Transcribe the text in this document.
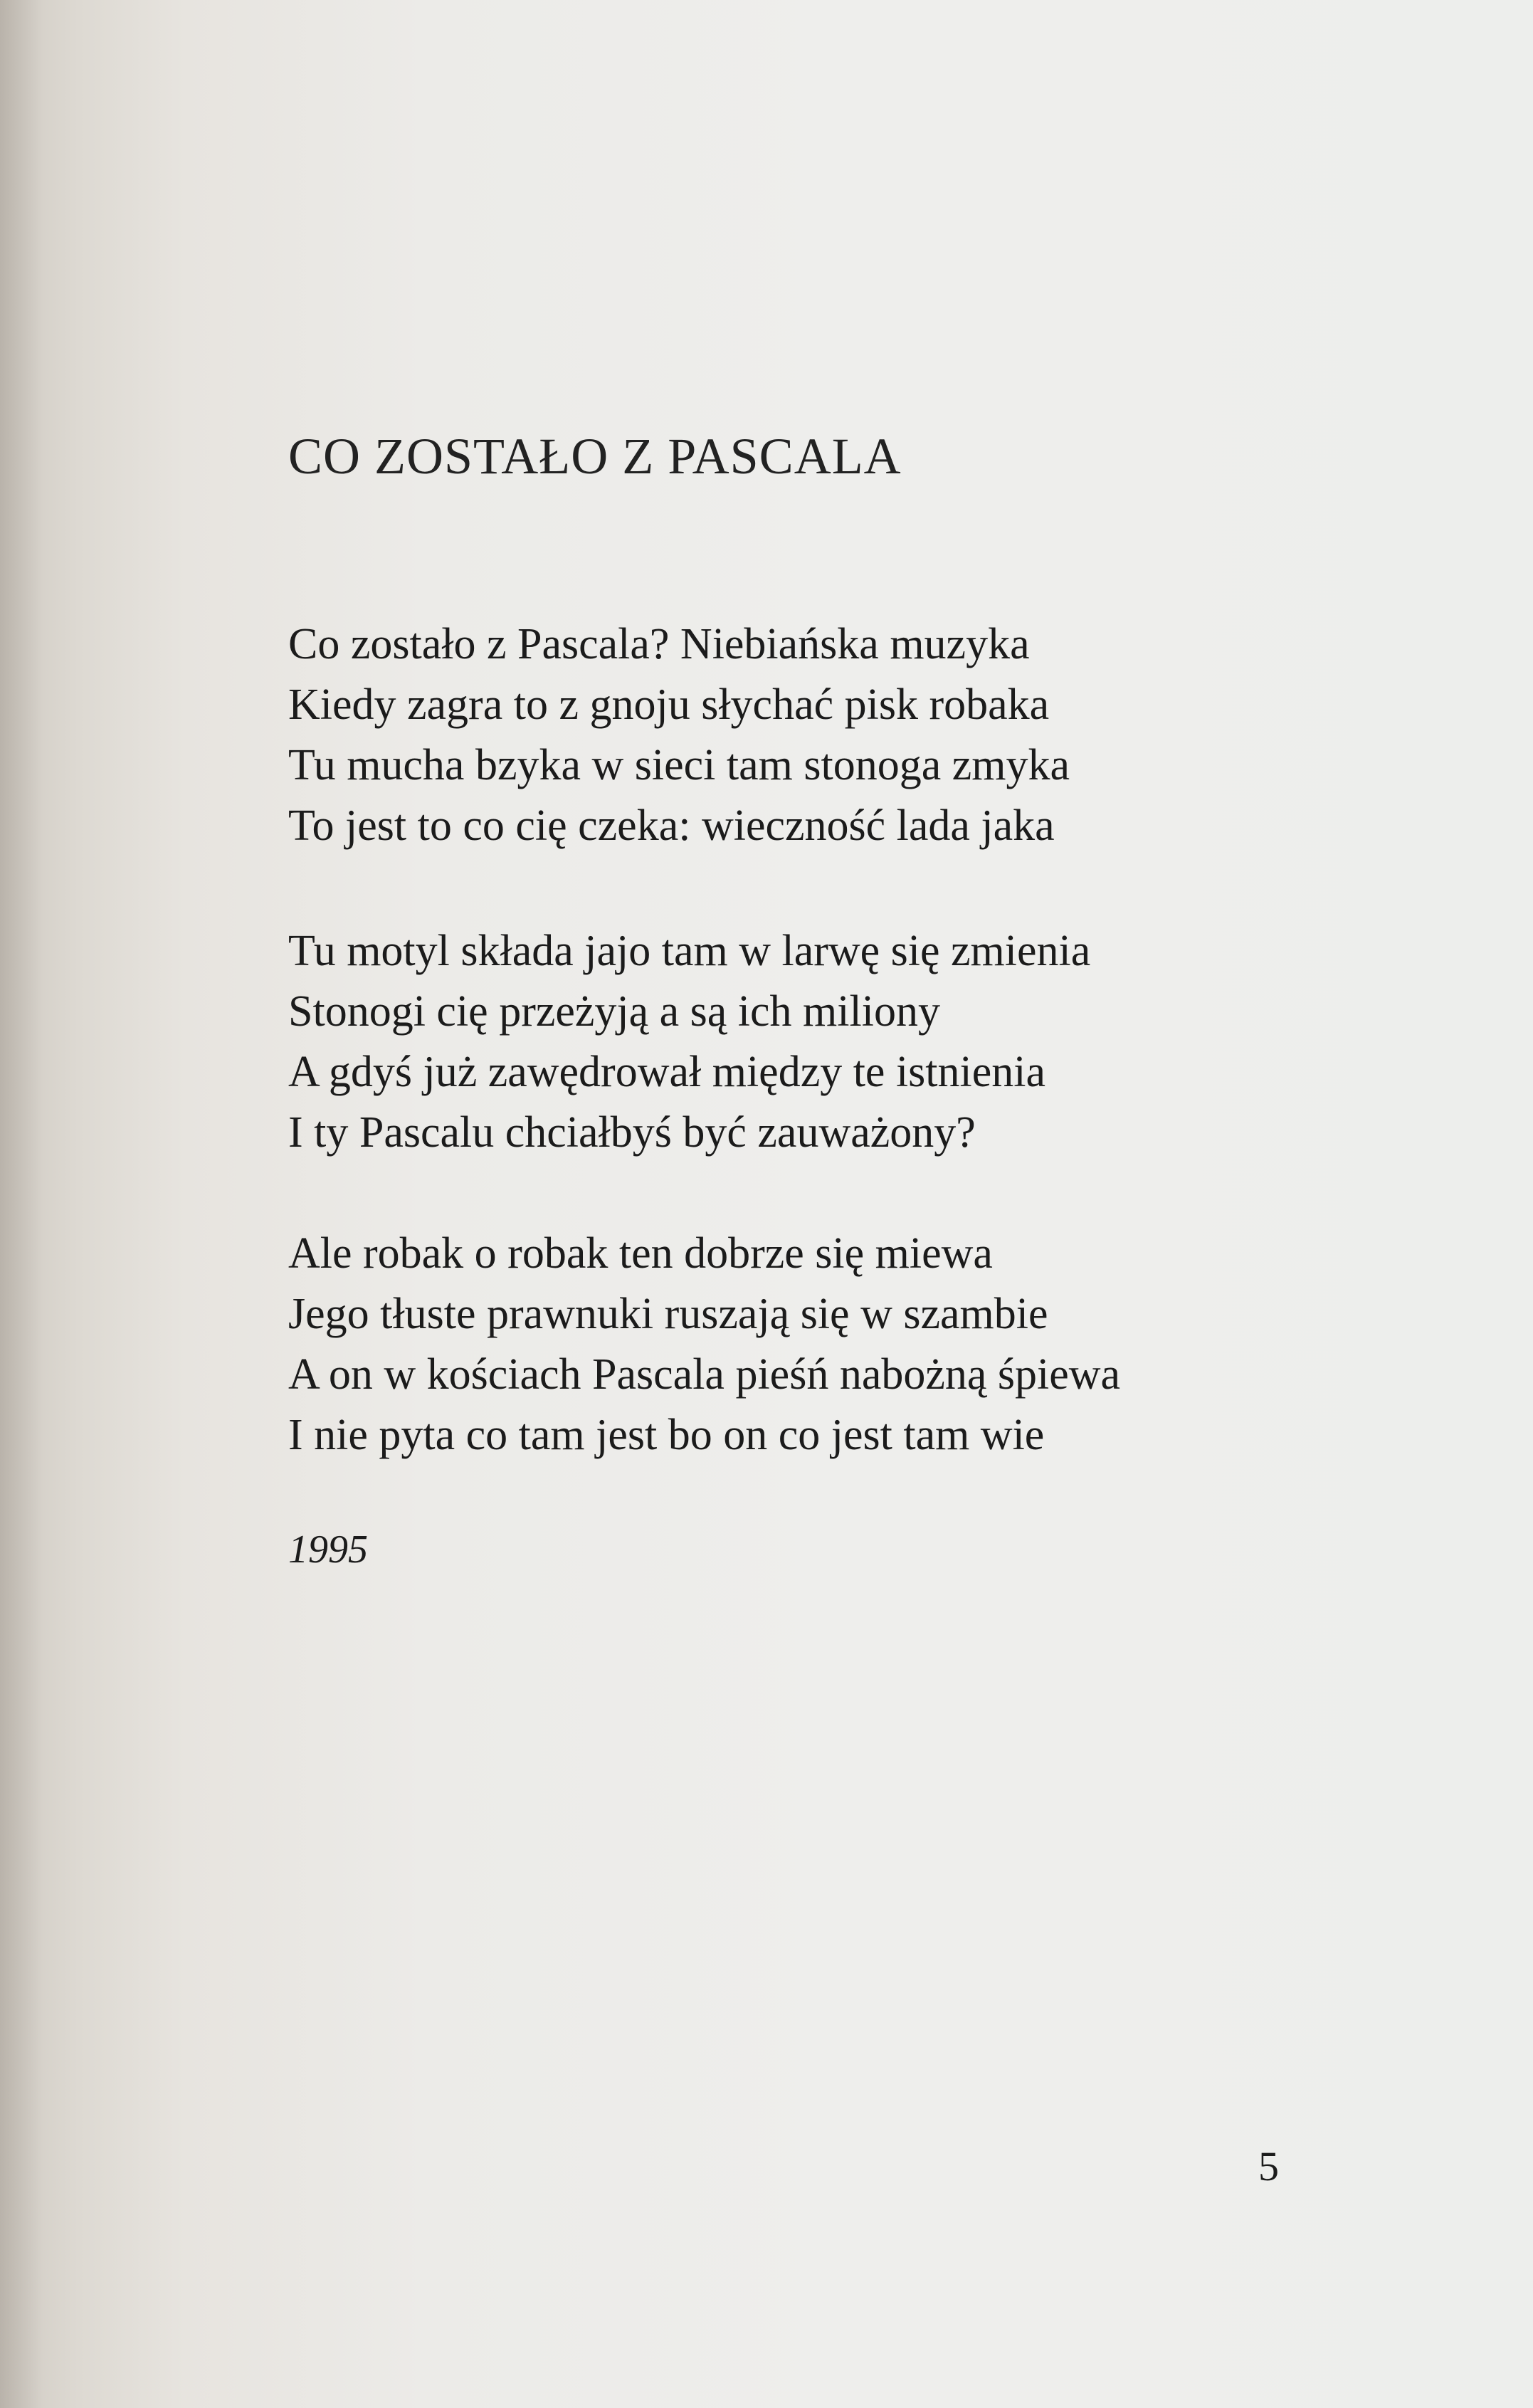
CO ZOSTAŁO Z PASCALA
Co zostało z Pascala? Niebiańska muzyka
Kiedy zagra to z gnoju słychać pisk robaka
Tu mucha bzyka w sieci tam stonoga zmyka
To jest to co cię czeka: wieczność lada jaka
Tu motyl składa jajo tam w larwę się zmienia
Stonogi cię przeżyją a są ich miliony
A gdyś już zawędrował między te istnienia
I ty Pascalu chciałbyś być zauważony?
Ale robak o robak ten dobrze się miewa
Jego tłuste prawnuki ruszają się w szambie
A on w kościach Pascala pieśń nabożną śpiewa
I nie pyta co tam jest bo on co jest tam wie
1995
5
